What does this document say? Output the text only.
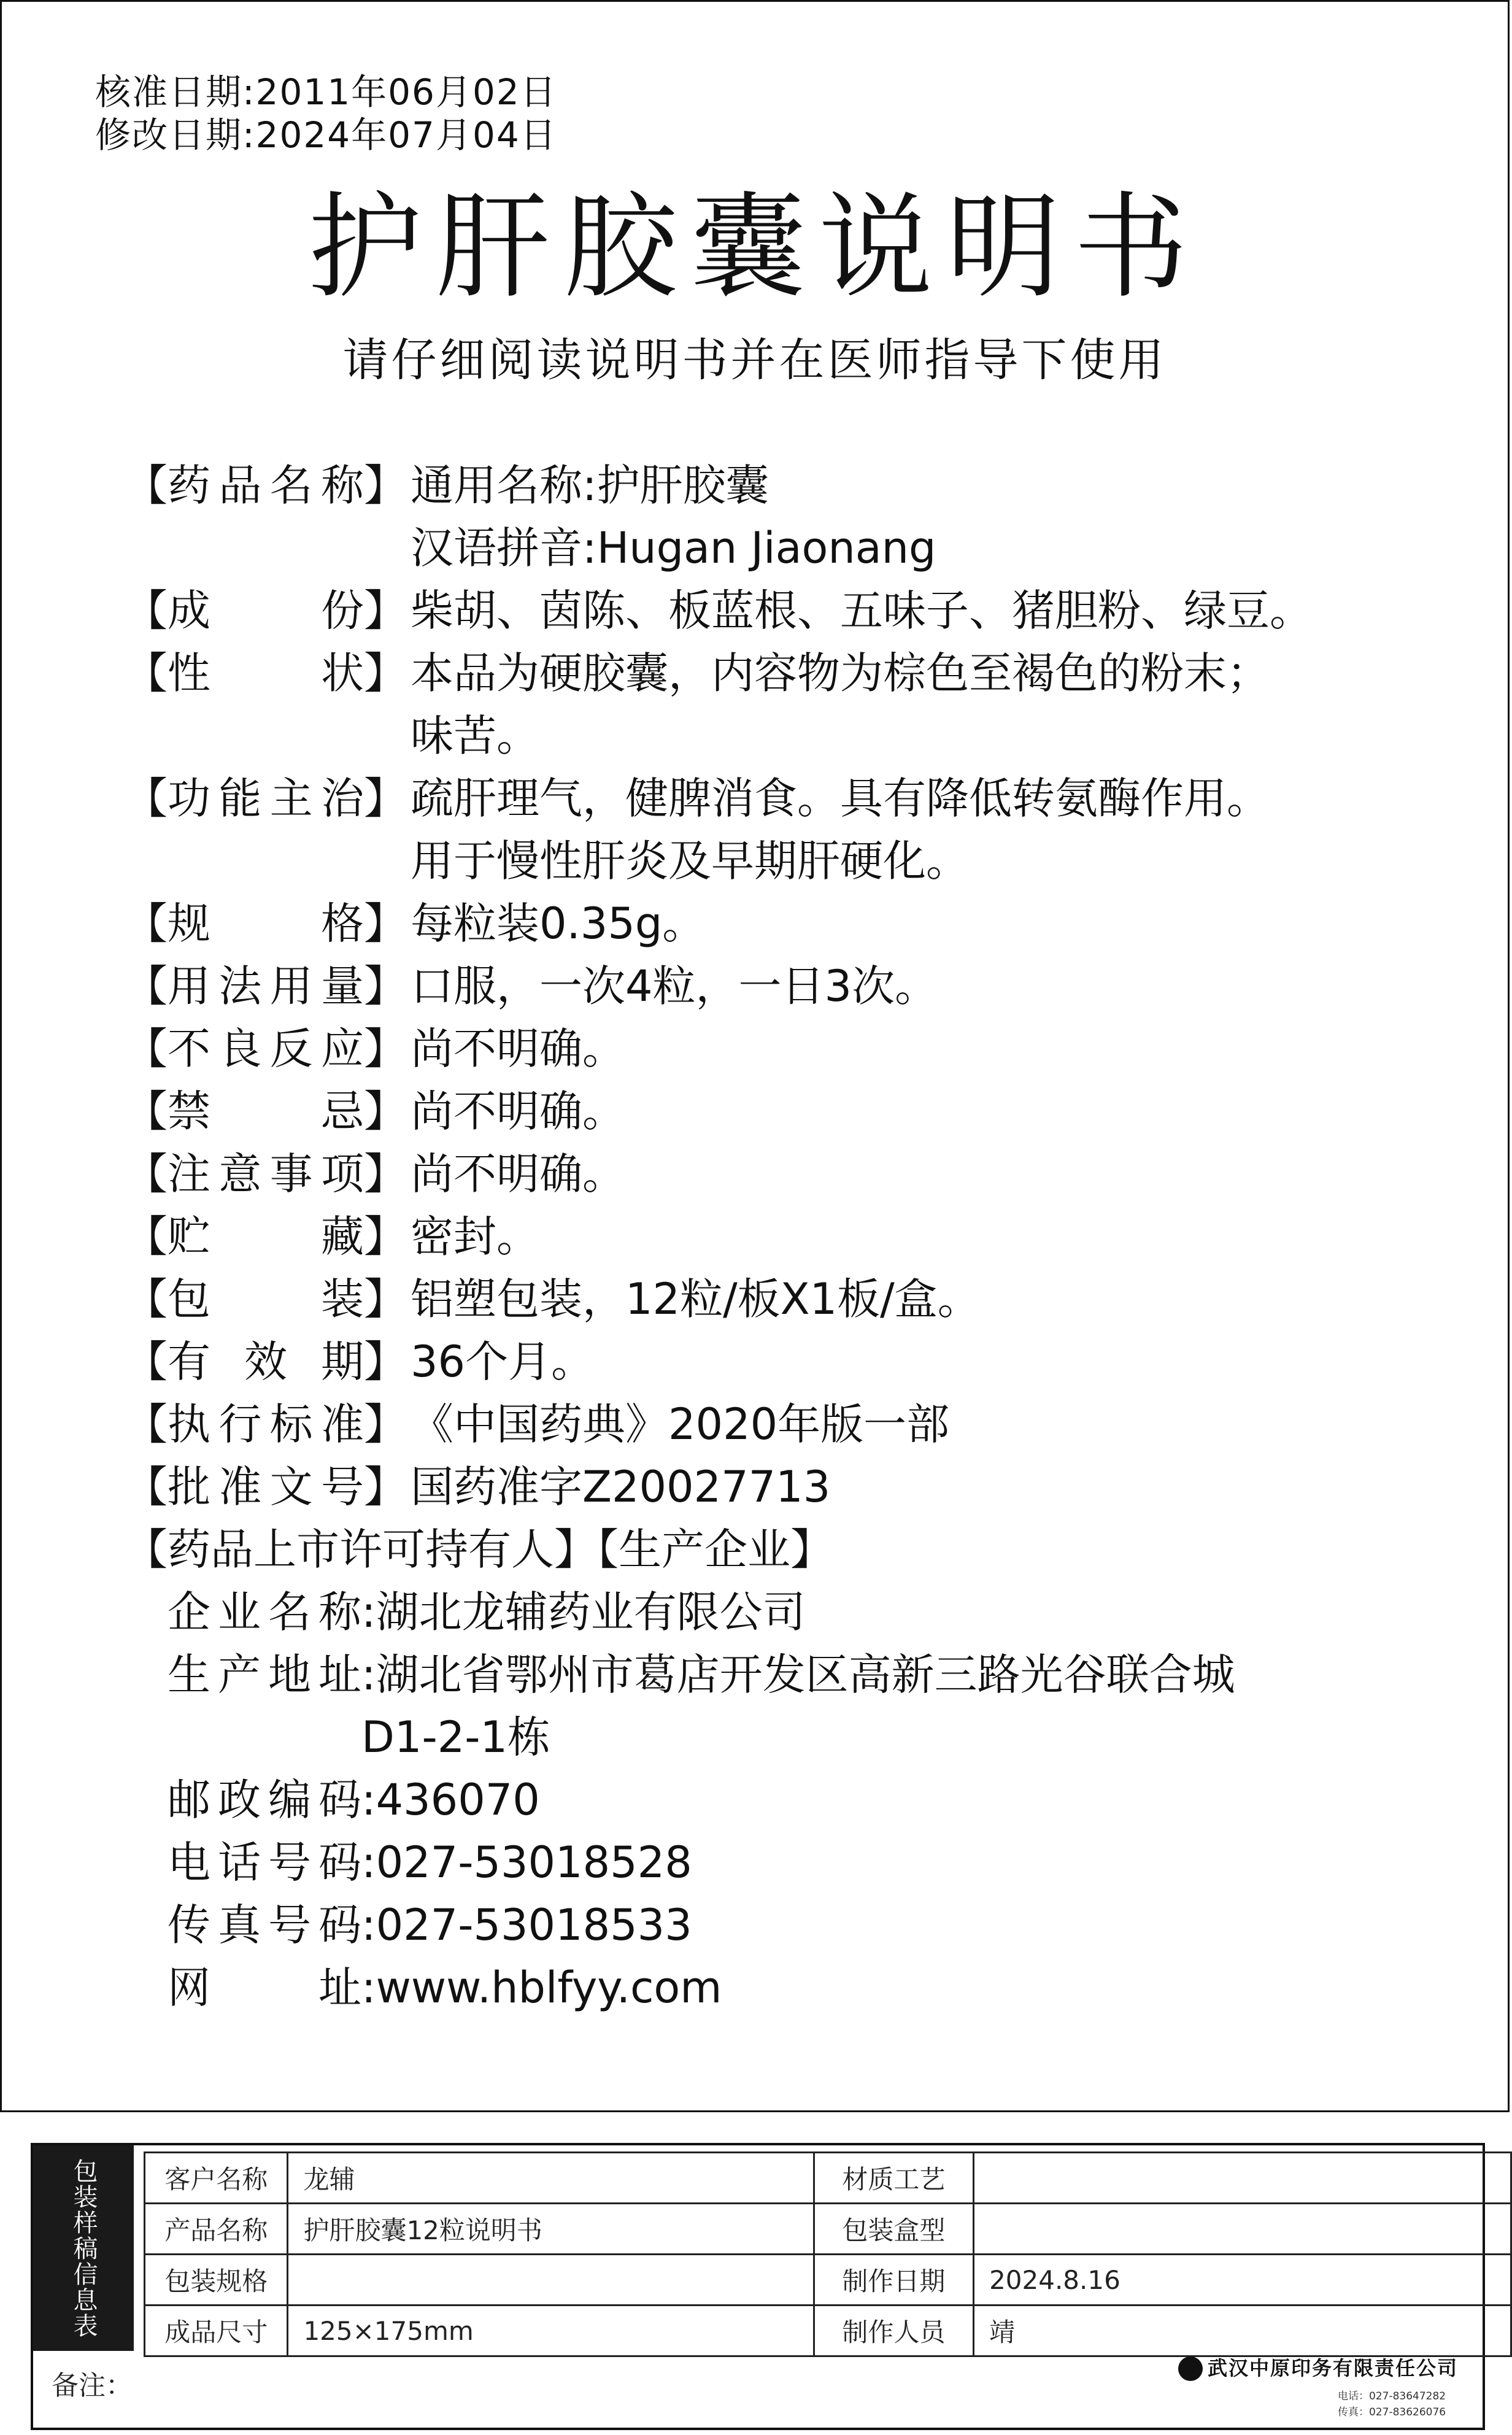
核准日期:2011年06月02日
修改日期:2024年07月04日
护肝胶囊说明书
请仔细阅读说明书并在医师指导下使用
【 药品名称 】 通用名称:护肝胶囊
汉语拼音:Hugan Jiaonang
【 成份 】 柴胡、茵陈、板蓝根、五味子、猪胆粉、绿豆。
【 性状 】 本品为硬胶囊，内容物为棕色至褐色的粉末；
味苦。
【 功能主治 】 疏肝理气，健脾消食。具有降低转氨酶作用。
用于慢性肝炎及早期肝硬化。
【 规格 】 每粒装0.35g。
【 用法用量 】 口服，一次4粒，一日3次。
【 不良反应 】 尚不明确。
【 禁忌 】 尚不明确。
【 注意事项 】 尚不明确。
【 贮藏 】 密封。
【 包装 】 铝塑包装，12粒/板X1板/盒。
【 有效期 】 36个月。
【 执行标准 】 《中国药典》2020年版一部
【 批准文号 】 国药准字Z20027713
【药品上市许可持有人】【生产企业】
企业名称 :湖北龙辅药业有限公司
生产地址 :湖北省鄂州市葛店开发区高新三路光谷联合城
D1-2-1栋
邮政编码 :436070
电话号码 :027-53018528
传真号码 :027-53018533
网址 :www.hblfyy.com
包装样稿信息表	客户名称	龙辅	材质工艺	
产品名称	护肝胶囊12粒说明书	包装盒型	
包装规格		制作日期	2024.8.16
成品尺寸	125×175mm	制作人员	靖
备注：
武汉中原印务有限责任公司
电话：027-83647282
传真：027-83626076
